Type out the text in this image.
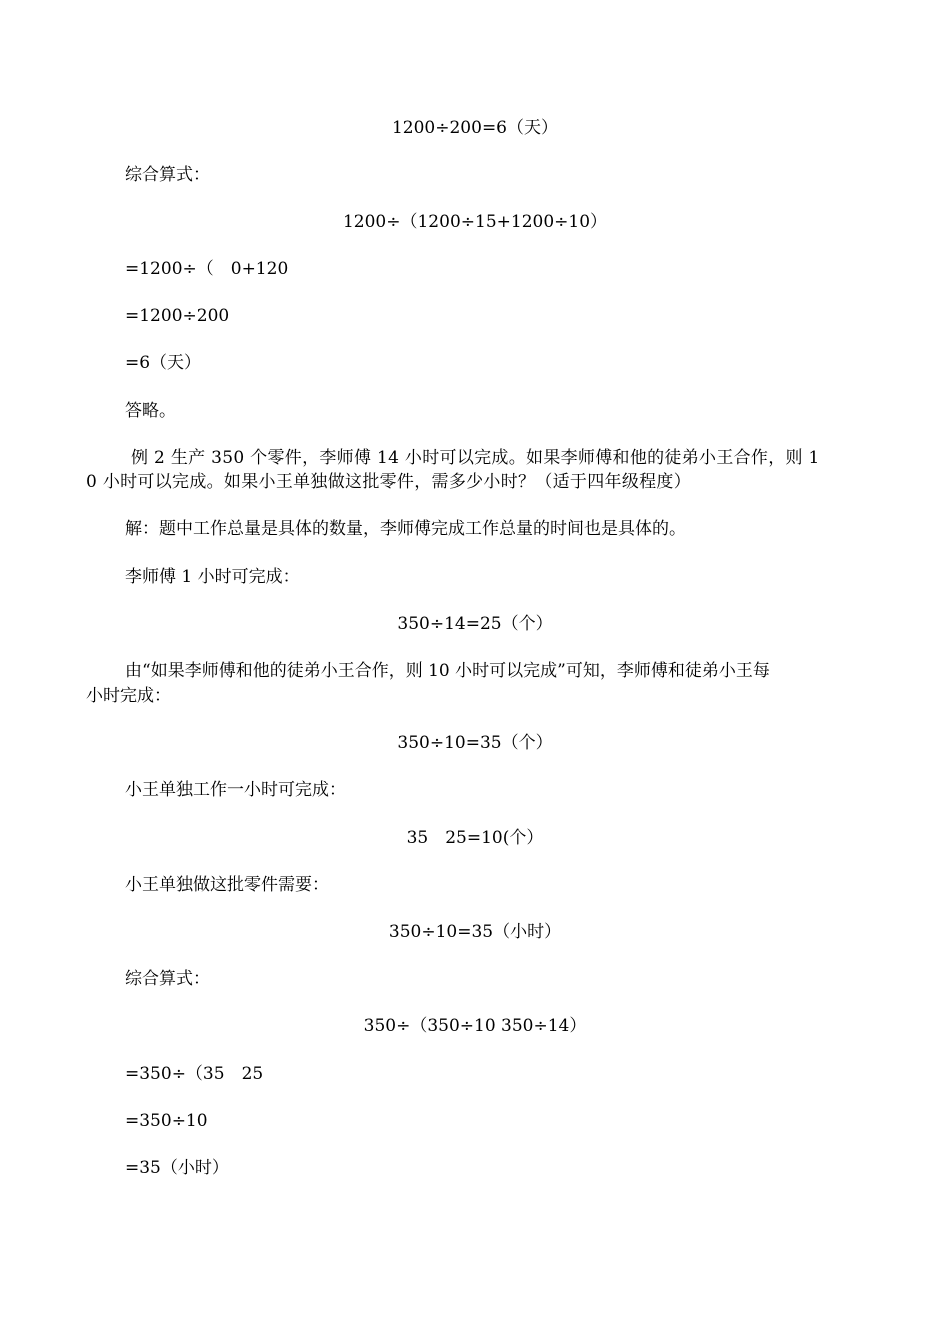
1200÷200=6（天）
综合算式：
1200÷（1200÷15+1200÷10）
=1200÷（　0+120
=1200÷200
=6（天）
答略。
例 2 生产 350 个零件，李师傅 14 小时可以完成。如果李师傅和他的徒弟小王合作，则 1
0 小时可以完成。如果小王单独做这批零件，需多少小时？（适于四年级程度）
解：题中工作总量是具体的数量，李师傅完成工作总量的时间也是具体的。
李师傅 1 小时可完成：
350÷14=25（个）
由“如果李师傅和他的徒弟小王合作，则 10 小时可以完成”可知，李师傅和徒弟小王每
小时完成：
350÷10=35（个）
小王单独工作一小时可完成：
35　25=10(个）
小王单独做这批零件需要：
350÷10=35（小时）
综合算式：
350÷（350÷10 350÷14）
=350÷（35　25
=350÷10
=35（小时）
